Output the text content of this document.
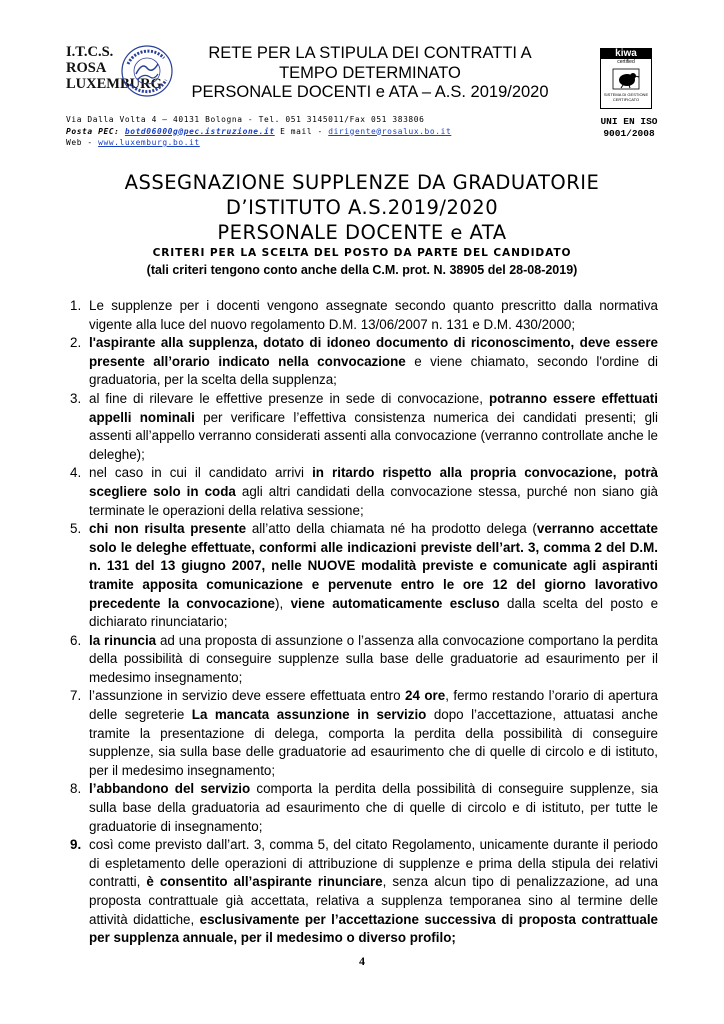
I.T.C.S.
ROSA
LUXEMBURG
RETE PER LA STIPULA DEI CONTRATTI A
TEMPO DETERMINATO
PERSONALE DOCENTI e ATA – A.S. 2019/2020
kiwa
certified
SISTEMA DI GESTIONE CERTIFICATO
UNI EN ISO
9001/2008
Via Dalla Volta 4 – 40131 Bologna - Tel. 051 3145011/Fax 051 383806
Posta PEC: botd06000g@pec.istruzione.it E mail - dirigente@rosalux.bo.it
Web - www.luxemburg.bo.it
ASSEGNAZIONE SUPPLENZE DA GRADUATORIE
D’ISTITUTO A.S.2019/2020
PERSONALE DOCENTE e ATA
CRITERI PER LA SCELTA DEL POSTO DA PARTE DEL CANDIDATO
(tali criteri tengono conto anche della C.M. prot. N. 38905 del 28-08-2019)
1. Le supplenze per i docenti vengono assegnate secondo quanto prescritto dalla normativa vigente alla luce del nuovo regolamento D.M. 13/06/2007 n. 131 e D.M. 430/2000;
2. l'aspirante alla supplenza, dotato di idoneo documento di riconoscimento, deve essere presente all’orario indicato nella convocazione e viene chiamato, secondo l'ordine di graduatoria, per la scelta della supplenza;
3. al fine di rilevare le effettive presenze in sede di convocazione, potranno essere effettuati appelli nominali per verificare l’effettiva consistenza numerica dei candidati presenti; gli assenti all’appello verranno considerati assenti alla convocazione (verranno controllate anche le deleghe);
4. nel caso in cui il candidato arrivi in ritardo rispetto alla propria convocazione, potrà scegliere solo in coda agli altri candidati della convocazione stessa, purché non siano già terminate le operazioni della relativa sessione;
5. chi non risulta presente all’atto della chiamata né ha prodotto delega (verranno accettate solo le deleghe effettuate, conformi alle indicazioni previste dell’art. 3, comma 2 del D.M. n. 131 del 13 giugno 2007, nelle NUOVE modalità previste e comunicate agli aspiranti tramite apposita comunicazione e pervenute entro le ore 12 del giorno lavorativo precedente la convocazione), viene automaticamente escluso dalla scelta del posto e dichiarato rinunciatario;
6. la rinuncia ad una proposta di assunzione o l’assenza alla convocazione comportano la perdita della possibilità di conseguire supplenze sulla base delle graduatorie ad esaurimento per il medesimo insegnamento;
7. l’assunzione in servizio deve essere effettuata entro 24 ore, fermo restando l’orario di apertura delle segreterie La mancata assunzione in servizio dopo l’accettazione, attuatasi anche tramite la presentazione di delega, comporta la perdita della possibilità di conseguire supplenze, sia sulla base delle graduatorie ad esaurimento che di quelle di circolo e di istituto, per il medesimo insegnamento;
8. l’abbandono del servizio comporta la perdita della possibilità di conseguire supplenze, sia sulla base della graduatoria ad esaurimento che di quelle di circolo e di istituto, per tutte le graduatorie di insegnamento;
9. così come previsto dall’art. 3, comma 5, del citato Regolamento, unicamente durante il periodo di espletamento delle operazioni di attribuzione di supplenze e prima della stipula dei relativi contratti, è consentito all’aspirante rinunciare, senza alcun tipo di penalizzazione, ad una proposta contrattuale già accettata, relativa a supplenza temporanea sino al termine delle attività didattiche, esclusivamente per l’accettazione successiva di proposta contrattuale per supplenza annuale, per il medesimo o diverso profilo;
4
